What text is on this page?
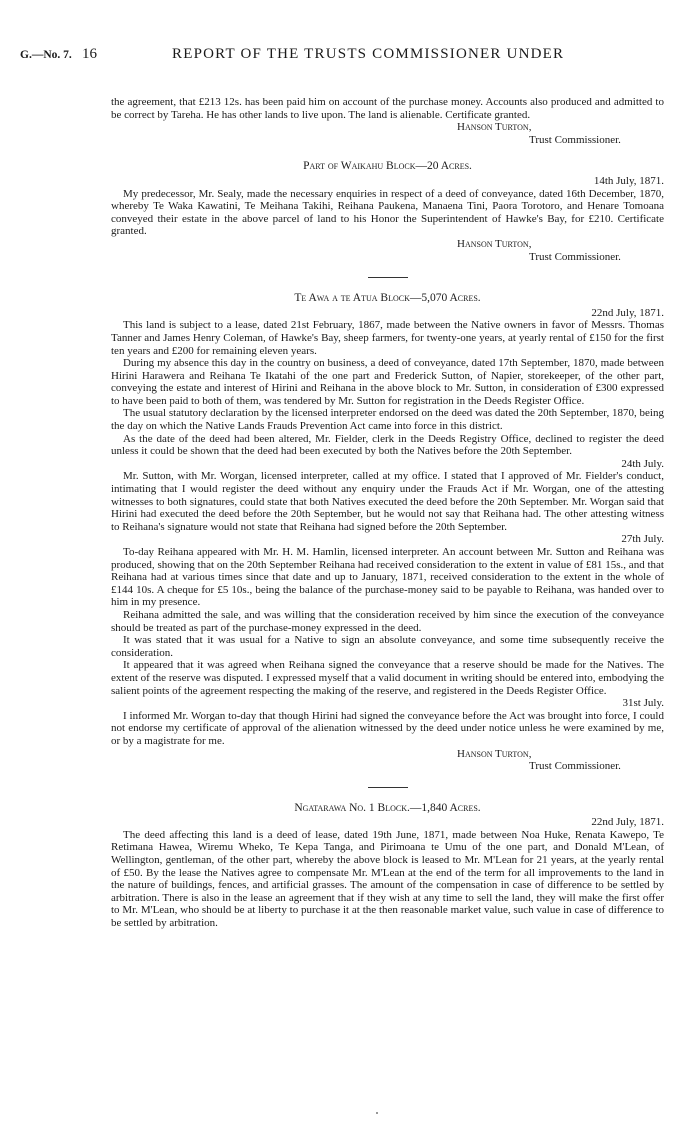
G.—No. 7. 16	REPORT OF THE TRUSTS COMMISSIONER UNDER

the agreement, that £213 12s. has been paid him on account of the purchase money. Accounts also produced and admitted to be correct by Tareha. He has other lands to live upon. The land is alienable. Certificate granted.

Hanson Turton,

Trust Commissioner.

Part of Waikahu Block—20 Acres.

14th July, 1871.

My predecessor, Mr. Sealy, made the necessary enquiries in respect of a deed of conveyance, dated 16th December, 1870, whereby Te Waka Kawatini, Te Meihana Takihi, Reihana Paukena, Manaena Tini, Paora Torotoro, and Henare Tomoana conveyed their estate in the above parcel of land to his Honor the Superintendent of Hawke's Bay, for £210. Certificate granted.

Hanson Turton,

Trust Commissioner.

Te Awa a te Atua Block—5,070 Acres.

22nd July, 1871.

This land is subject to a lease, dated 21st February, 1867, made between the Native owners in favor of Messrs. Thomas Tanner and James Henry Coleman, of Hawke's Bay, sheep farmers, for twenty-one years, at yearly rental of £150 for the first ten years and £200 for remaining eleven years.

During my absence this day in the country on business, a deed of conveyance, dated 17th September, 1870, made between Hirini Harawera and Reihana Te Ikatahi of the one part and Frederick Sutton, of Napier, storekeeper, of the other part, conveying the estate and interest of Hirini and Reihana in the above block to Mr. Sutton, in consideration of £300 expressed to have been paid to both of them, was tendered by Mr. Sutton for registration in the Deeds Register Office.

The usual statutory declaration by the licensed interpreter endorsed on the deed was dated the 20th September, 1870, being the day on which the Native Lands Frauds Prevention Act came into force in this district.

As the date of the deed had been altered, Mr. Fielder, clerk in the Deeds Registry Office, declined to register the deed unless it could be shown that the deed had been executed by both the Natives before the 20th September.

24th July.

Mr. Sutton, with Mr. Worgan, licensed interpreter, called at my office. I stated that I approved of Mr. Fielder's conduct, intimating that I would register the deed without any enquiry under the Frauds Act if Mr. Worgan, one of the attesting witnesses to both signatures, could state that both Natives executed the deed before the 20th September. Mr. Worgan said that Hirini had executed the deed before the 20th September, but he would not say that Reihana had. The other attesting witness to Reihana's signature would not state that Reihana had signed before the 20th September.

27th July.

To-day Reihana appeared with Mr. H. M. Hamlin, licensed interpreter. An account between Mr. Sutton and Reihana was produced, showing that on the 20th September Reihana had received consideration to the extent in value of £81 15s., and that Reihana had at various times since that date and up to January, 1871, received consideration to the extent in the whole of £144 10s. A cheque for £5 10s., being the balance of the purchase-money said to be payable to Reihana, was handed over to him in my presence.

Reihana admitted the sale, and was willing that the consideration received by him since the execution of the conveyance should be treated as part of the purchase-money expressed in the deed.

It was stated that it was usual for a Native to sign an absolute conveyance, and some time subsequently receive the consideration.

It appeared that it was agreed when Reihana signed the conveyance that a reserve should be made for the Natives. The extent of the reserve was disputed. I expressed myself that a valid document in writing should be entered into, embodying the salient points of the agreement respecting the making of the reserve, and registered in the Deeds Register Office.

31st July.

I informed Mr. Worgan to-day that though Hirini had signed the conveyance before the Act was brought into force, I could not endorse my certificate of approval of the alienation witnessed by the deed under notice unless he were examined by me, or by a magistrate for me.

Hanson Turton,

Trust Commissioner.

Ngatarawa No. 1 Block.—1,840 Acres.

22nd July, 1871.

The deed affecting this land is a deed of lease, dated 19th June, 1871, made between Noa Huke, Renata Kawepo, Te Retimana Hawea, Wiremu Wheko, Te Kepa Tanga, and Pirimoana te Umu of the one part, and Donald M'Lean, of Wellington, gentleman, of the other part, whereby the above block is leased to Mr. M'Lean for 21 years, at the yearly rental of £50. By the lease the Natives agree to compensate Mr. M'Lean at the end of the term for all improvements to the land in the nature of buildings, fences, and artificial grasses. The amount of the compensation in case of difference to be settled by arbitration. There is also in the lease an agreement that if they wish at any time to sell the land, they will make the first offer to Mr. M'Lean, who should be at liberty to purchase it at the then reasonable market value, such value in case of difference to be settled by arbitration.
